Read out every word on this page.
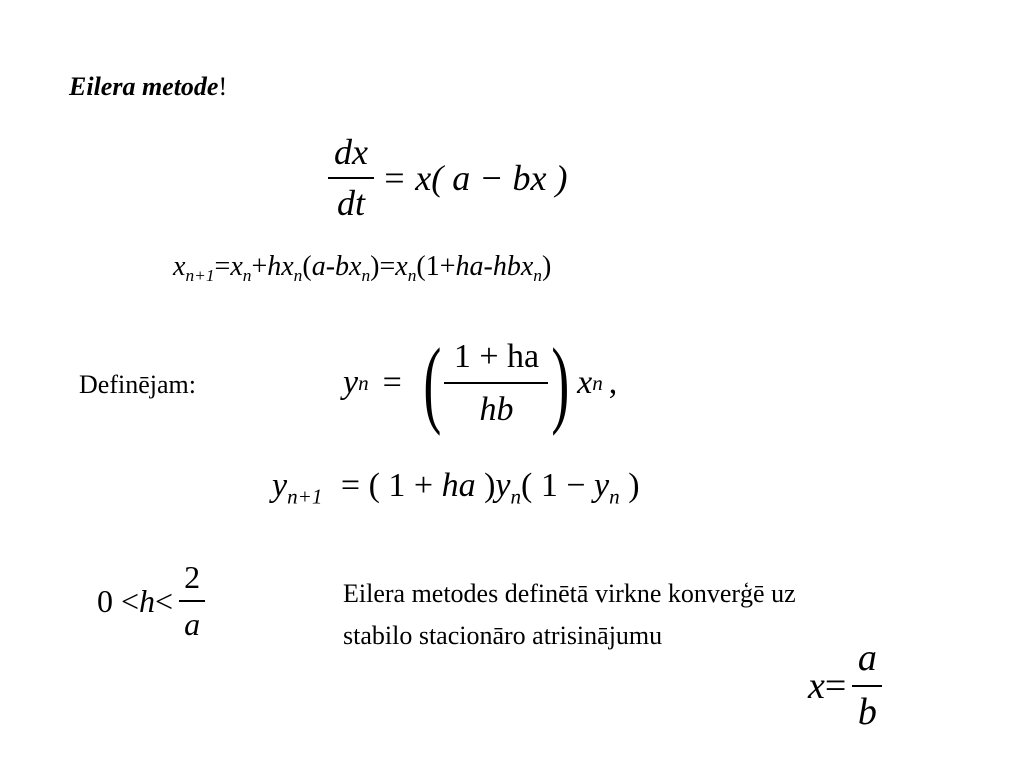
Eilera metode!
$\frac{dx}{dt} = x$( a − bx )
$x_{n+1}=x_n+hx_n(a-bx_n)=x_n(1+ha-hbx_n)$
Definējam:	y n = ( $\frac{1 + ha}{hb}$ ) x n ,
$y_{n+1}$ = ( 1 + ha )$y_n$( $1 - y_n$ )
$0 < h < \frac{2}{a}$	Eilera metodes definētā virkne konverģē uz
stabilo stacionāro atrisinājumu
$x = \frac{a}{b}$
